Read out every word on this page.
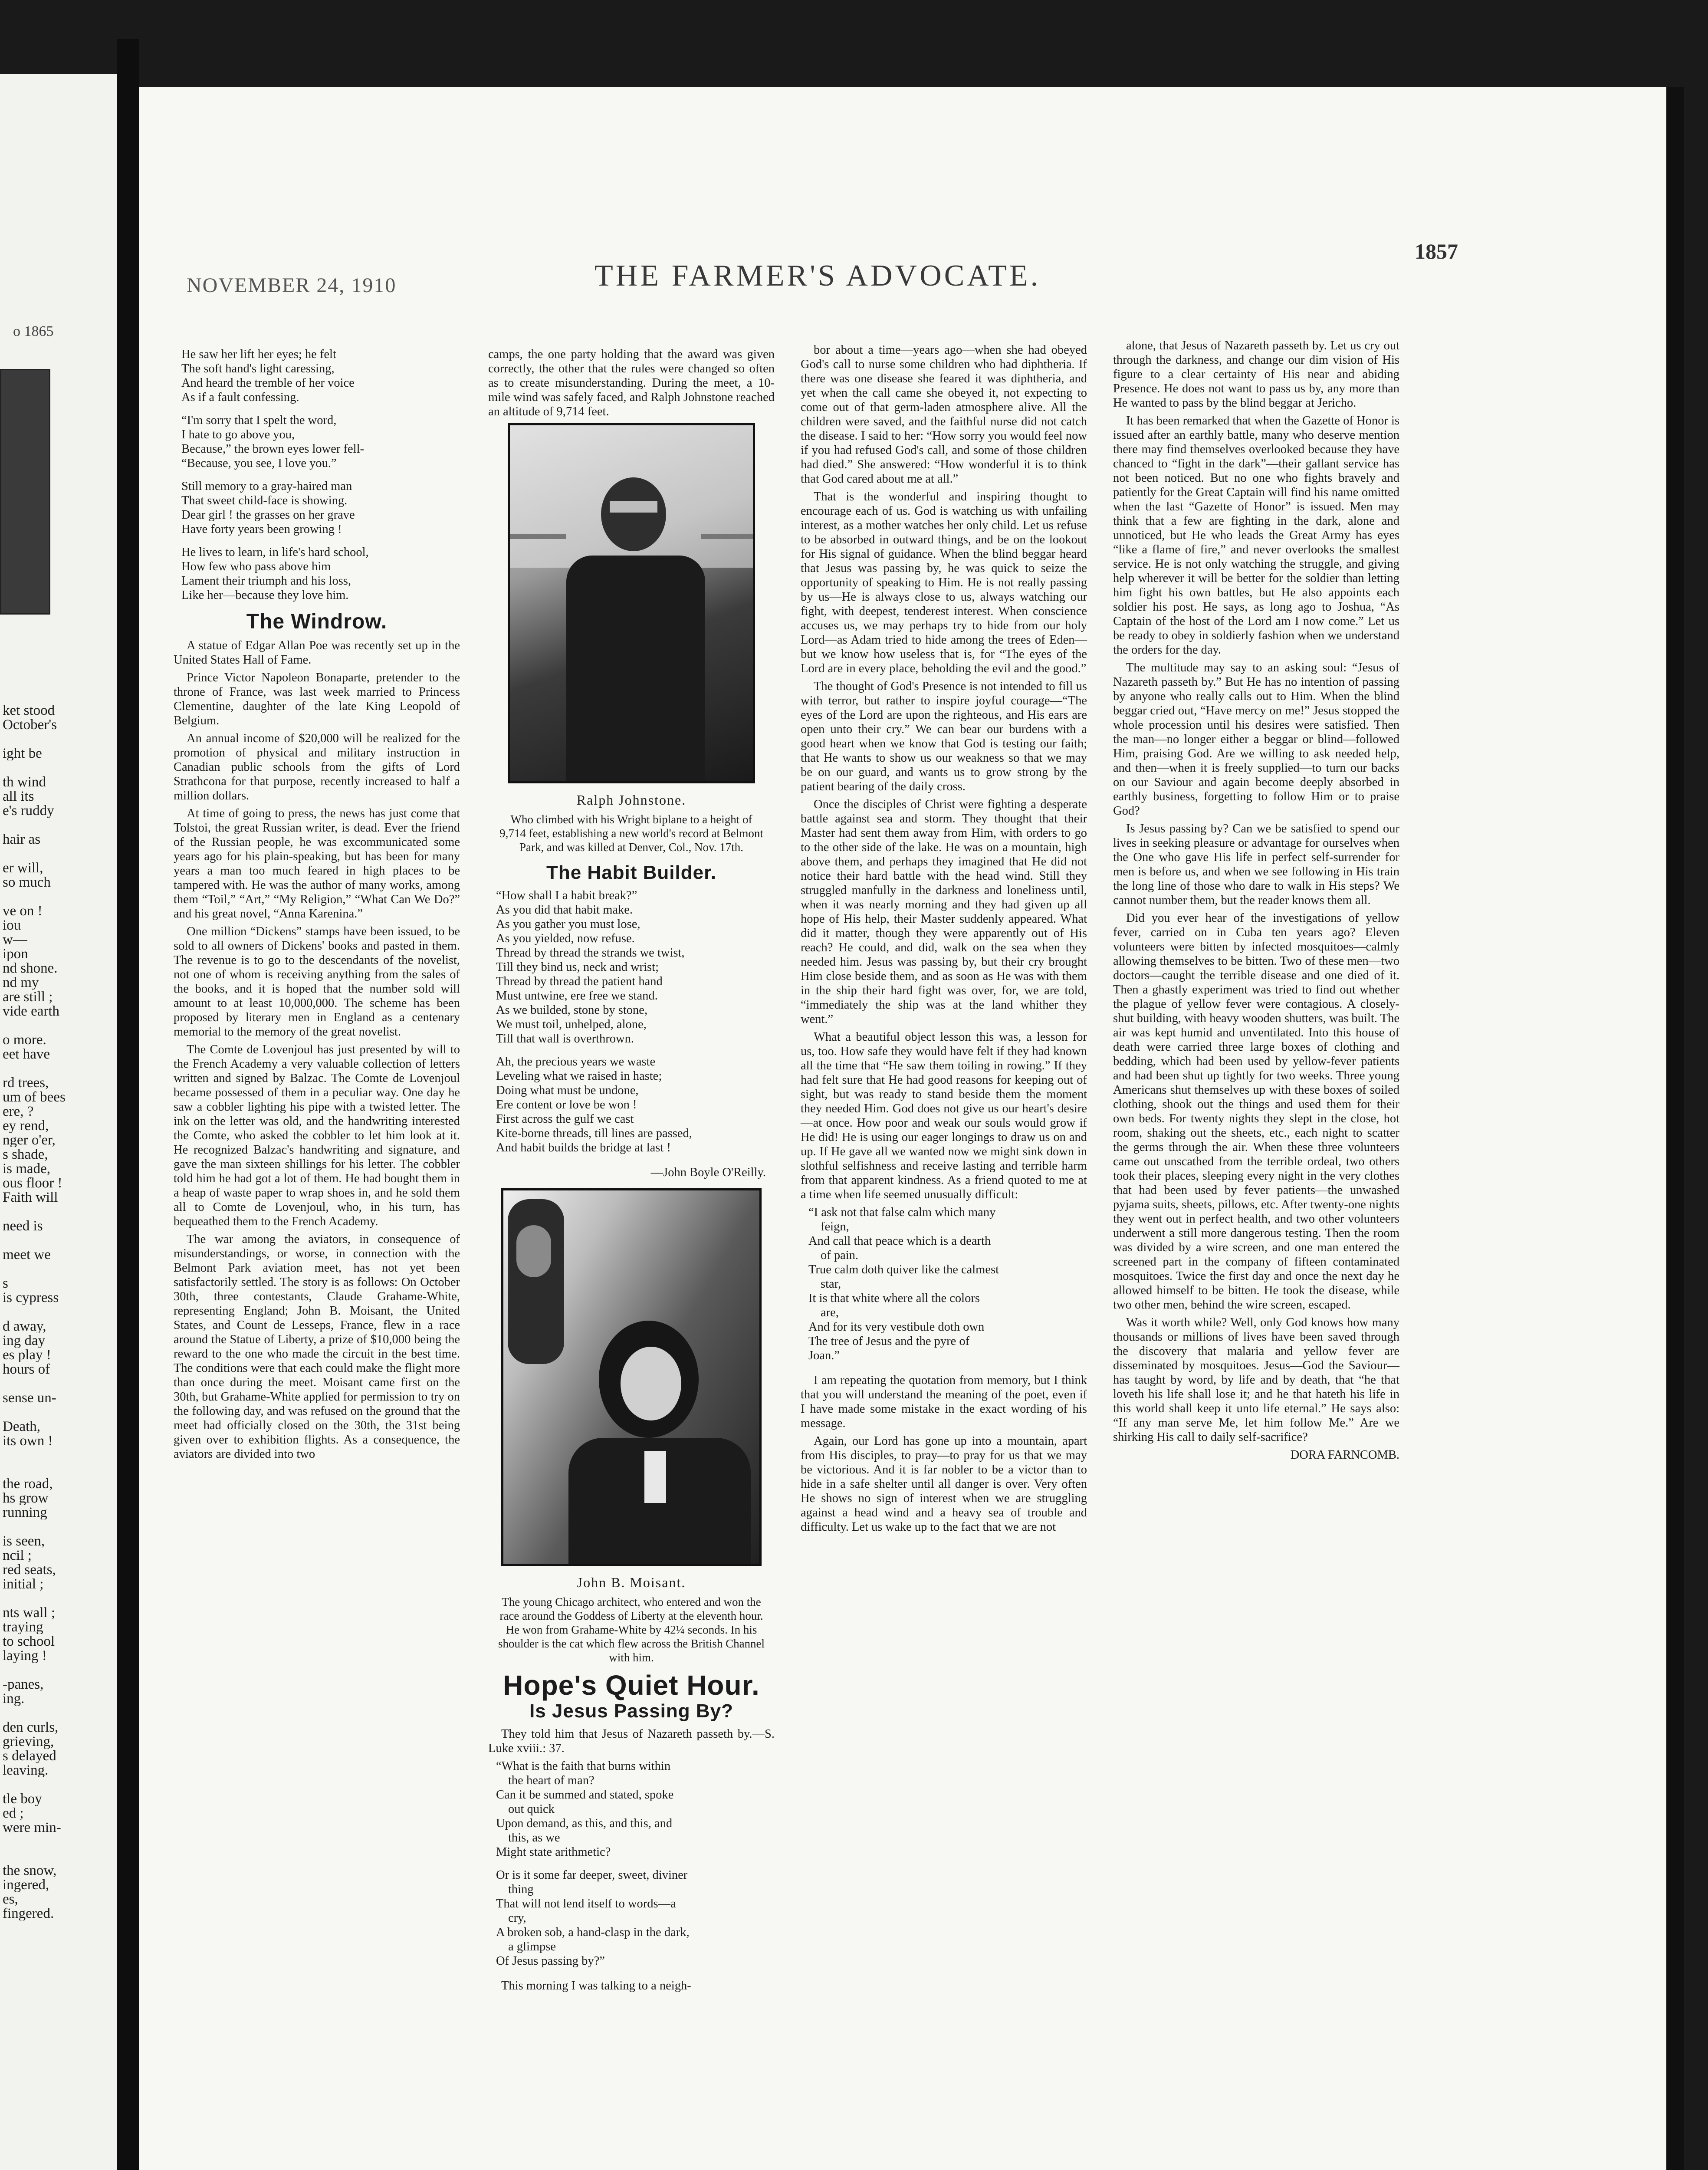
o 1865
ket stood
October's
ight be
th wind
all its
e's ruddy
hair as
er will,
so much
ve on !
iou
w—
ipon
nd shone.
nd my
are still ;
vide earth
o more.
eet have
rd trees,
um of bees
ere, ?
ey rend,
nger o'er,
s shade,
is made,
ous floor !
Faith will
need is
meet we
s
is cypress
d away,
ing day
es play !
hours of
sense un-
Death,
its own !
the road,
hs grow
running
is seen,
ncil ;
red seats,
initial ;
nts wall ;
traying
to school
laying !
-panes,
ing.
den curls,
grieving,
s delayed
leaving.
tle boy
ed ;
were min-
the snow,
ingered,
es,
fingered.
NOVEMBER 24, 1910	THE FARMER'S ADVOCATE.
1857
He saw her lift her eyes; he felt
The soft hand's light caressing,
And heard the tremble of her voice
As if a fault confessing.
“I'm sorry that I spelt the word,
I hate to go above you,
Because,” the brown eyes lower fell-
“Because, you see, I love you.”
Still memory to a gray-haired man
That sweet child-face is showing.
Dear girl ! the grasses on her grave
Have forty years been growing !
He lives to learn, in life's hard school,
How few who pass above him
Lament their triumph and his loss,
Like her—because they love him.
The Windrow.

A statue of Edgar Allan Poe was recently set up in the United States Hall of Fame.

Prince Victor Napoleon Bonaparte, pretender to the throne of France, was last week married to Princess Clementine, daughter of the late King Leopold of Belgium.

An annual income of $20,000 will be realized for the promotion of physical and military instruction in Canadian public schools from the gifts of Lord Strathcona for that purpose, recently increased to half a million dollars.

At time of going to press, the news has just come that Tolstoi, the great Russian writer, is dead. Ever the friend of the Russian people, he was excommunicated some years ago for his plain-speaking, but has been for many years a man too much feared in high places to be tampered with. He was the author of many works, among them “Toil,” “Art,” “My Religion,” “What Can We Do?” and his great novel, “Anna Karenina.”

One million “Dickens” stamps have been issued, to be sold to all owners of Dickens' books and pasted in them. The revenue is to go to the descendants of the novelist, not one of whom is receiving anything from the sales of the books, and it is hoped that the number sold will amount to at least 10,000,000. The scheme has been proposed by literary men in England as a centenary memorial to the memory of the great novelist.

The Comte de Lovenjoul has just presented by will to the French Academy a very valuable collection of letters written and signed by Balzac. The Comte de Lovenjoul became possessed of them in a peculiar way. One day he saw a cobbler lighting his pipe with a twisted letter. The ink on the letter was old, and the handwriting interested the Comte, who asked the cobbler to let him look at it. He recognized Balzac's handwriting and signature, and gave the man sixteen shillings for his letter. The cobbler told him he had got a lot of them. He had bought them in a heap of waste paper to wrap shoes in, and he sold them all to Comte de Lovenjoul, who, in his turn, has bequeathed them to the French Academy.

The war among the aviators, in consequence of misunderstandings, or worse, in connection with the Belmont Park aviation meet, has not yet been satisfactorily settled. The story is as follows: On October 30th, three contestants, Claude Grahame-White, representing England; John B. Moisant, the United States, and Count de Lesseps, France, flew in a race around the Statue of Liberty, a prize of $10,000 being the reward to the one who made the circuit in the best time. The conditions were that each could make the flight more than once during the meet. Moisant came first on the 30th, but Grahame-White applied for permission to try on the following day, and was refused on the ground that the meet had officially closed on the 30th, the 31st being given over to exhibition flights. As a consequence, the aviators are divided into two

camps, the one party holding that the award was given correctly, the other that the rules were changed so often as to create misunderstanding. During the meet, a 10-mile wind was safely faced, and Ralph Johnstone reached an altitude of 9,714 feet.

Ralph Johnstone.

Who climbed with his Wright biplane to a height of 9,714 feet, establishing a new world's record at Belmont Park, and was killed at Denver, Col., Nov. 17th.

The Habit Builder.
“How shall I a habit break?”
As you did that habit make.
As you gather you must lose,
As you yielded, now refuse.
Thread by thread the strands we twist,
Till they bind us, neck and wrist;
Thread by thread the patient hand
Must untwine, ere free we stand.
As we builded, stone by stone,
We must toil, unhelped, alone,
Till that wall is overthrown.
Ah, the precious years we waste
Leveling what we raised in haste;
Doing what must be undone,
Ere content or love be won !
First across the gulf we cast
Kite-borne threads, till lines are passed,
And habit builds the bridge at last !

—John Boyle O'Reilly.

John B. Moisant.

The young Chicago architect, who entered and won the race around the Goddess of Liberty at the eleventh hour. He won from Grahame-White by 42¼ seconds. In his shoulder is the cat which flew across the British Channel with him.

Hope's Quiet Hour.
Is Jesus Passing By?

They told him that Jesus of Nazareth passeth by.—S. Luke xviii.: 37.

“What is the faith that burns within
the heart of man?
Can it be summed and stated, spoke
out quick
Upon demand, as this, and this, and
this, as we
Might state arithmetic?
Or is it some far deeper, sweet, diviner
thing
That will not lend itself to words—a
cry,
A broken sob, a hand-clasp in the dark,
a glimpse
Of Jesus passing by?”

This morning I was talking to a neigh-

bor about a time—years ago—when she had obeyed God's call to nurse some children who had diphtheria. If there was one disease she feared it was diphtheria, and yet when the call came she obeyed it, not expecting to come out of that germ-laden atmosphere alive. All the children were saved, and the faithful nurse did not catch the disease. I said to her: “How sorry you would feel now if you had refused God's call, and some of those children had died.” She answered: “How wonderful it is to think that God cared about me at all.”

That is the wonderful and inspiring thought to encourage each of us. God is watching us with unfailing interest, as a mother watches her only child. Let us refuse to be absorbed in outward things, and be on the lookout for His signal of guidance. When the blind beggar heard that Jesus was passing by, he was quick to seize the opportunity of speaking to Him. He is not really passing by us—He is always close to us, always watching our fight, with deepest, tenderest interest. When conscience accuses us, we may perhaps try to hide from our holy Lord—as Adam tried to hide among the trees of Eden—but we know how useless that is, for “The eyes of the Lord are in every place, beholding the evil and the good.”

The thought of God's Presence is not intended to fill us with terror, but rather to inspire joyful courage—“The eyes of the Lord are upon the righteous, and His ears are open unto their cry.” We can bear our burdens with a good heart when we know that God is testing our faith; that He wants to show us our weakness so that we may be on our guard, and wants us to grow strong by the patient bearing of the daily cross.

Once the disciples of Christ were fighting a desperate battle against sea and storm. They thought that their Master had sent them away from Him, with orders to go to the other side of the lake. He was on a mountain, high above them, and perhaps they imagined that He did not notice their hard battle with the head wind. Still they struggled manfully in the darkness and loneliness until, when it was nearly morning and they had given up all hope of His help, their Master suddenly appeared. What did it matter, though they were apparently out of His reach? He could, and did, walk on the sea when they needed him. Jesus was passing by, but their cry brought Him close beside them, and as soon as He was with them in the ship their hard fight was over, for, we are told, “immediately the ship was at the land whither they went.”

What a beautiful object lesson this was, a lesson for us, too. How safe they would have felt if they had known all the time that “He saw them toiling in rowing.” If they had felt sure that He had good reasons for keeping out of sight, but was ready to stand beside them the moment they needed Him. God does not give us our heart's desire—at once. How poor and weak our souls would grow if He did! He is using our eager longings to draw us on and up. If He gave all we wanted now we might sink down in slothful selfishness and receive lasting and terrible harm from that apparent kindness. As a friend quoted to me at a time when life seemed unusually difficult:

“I ask not that false calm which many
feign,
And call that peace which is a dearth
of pain.
True calm doth quiver like the calmest
star,
It is that white where all the colors
are,
And for its very vestibule doth own
The tree of Jesus and the pyre of
Joan.”

I am repeating the quotation from memory, but I think that you will understand the meaning of the poet, even if I have made some mistake in the exact wording of his message.

Again, our Lord has gone up into a mountain, apart from His disciples, to pray—to pray for us that we may be victorious. And it is far nobler to be a victor than to hide in a safe shelter until all danger is over. Very often He shows no sign of interest when we are struggling against a head wind and a heavy sea of trouble and difficulty. Let us wake up to the fact that we are not

alone, that Jesus of Nazareth passeth by. Let us cry out through the darkness, and change our dim vision of His figure to a clear certainty of His near and abiding Presence. He does not want to pass us by, any more than He wanted to pass by the blind beggar at Jericho.

It has been remarked that when the Gazette of Honor is issued after an earthly battle, many who deserve mention there may find themselves overlooked because they have chanced to “fight in the dark”—their gallant service has not been noticed. But no one who fights bravely and patiently for the Great Captain will find his name omitted when the last “Gazette of Honor” is issued. Men may think that a few are fighting in the dark, alone and unnoticed, but He who leads the Great Army has eyes “like a flame of fire,” and never overlooks the smallest service. He is not only watching the struggle, and giving help wherever it will be better for the soldier than letting him fight his own battles, but He also appoints each soldier his post. He says, as long ago to Joshua, “As Captain of the host of the Lord am I now come.” Let us be ready to obey in soldierly fashion when we understand the orders for the day.

The multitude may say to an asking soul: “Jesus of Nazareth passeth by.” But He has no intention of passing by anyone who really calls out to Him. When the blind beggar cried out, “Have mercy on me!” Jesus stopped the whole procession until his desires were satisfied. Then the man—no longer either a beggar or blind—followed Him, praising God. Are we willing to ask needed help, and then—when it is freely supplied—to turn our backs on our Saviour and again become deeply absorbed in earthly business, forgetting to follow Him or to praise God?

Is Jesus passing by? Can we be satisfied to spend our lives in seeking pleasure or advantage for ourselves when the One who gave His life in perfect self-surrender for men is before us, and when we see following in His train the long line of those who dare to walk in His steps? We cannot number them, but the reader knows them all.

Did you ever hear of the investigations of yellow fever, carried on in Cuba ten years ago? Eleven volunteers were bitten by infected mosquitoes—calmly allowing themselves to be bitten. Two of these men—two doctors—caught the terrible disease and one died of it. Then a ghastly experiment was tried to find out whether the plague of yellow fever were contagious. A closely-shut building, with heavy wooden shutters, was built. The air was kept humid and unventilated. Into this house of death were carried three large boxes of clothing and bedding, which had been used by yellow-fever patients and had been shut up tightly for two weeks. Three young Americans shut themselves up with these boxes of soiled clothing, shook out the things and used them for their own beds. For twenty nights they slept in the close, hot room, shaking out the sheets, etc., each night to scatter the germs through the air. When these three volunteers came out unscathed from the terrible ordeal, two others took their places, sleeping every night in the very clothes that had been used by fever patients—the unwashed pyjama suits, sheets, pillows, etc. After twenty-one nights they went out in perfect health, and two other volunteers underwent a still more dangerous testing. Then the room was divided by a wire screen, and one man entered the screened part in the company of fifteen contaminated mosquitoes. Twice the first day and once the next day he allowed himself to be bitten. He took the disease, while two other men, behind the wire screen, escaped.

Was it worth while? Well, only God knows how many thousands or millions of lives have been saved through the discovery that malaria and yellow fever are disseminated by mosquitoes. Jesus—God the Saviour—has taught by word, by life and by death, that “he that loveth his life shall lose it; and he that hateth his life in this world shall keep it unto life eternal.” He says also: “If any man serve Me, let him follow Me.” Are we shirking His call to daily self-sacrifice?

DORA FARNCOMB.
